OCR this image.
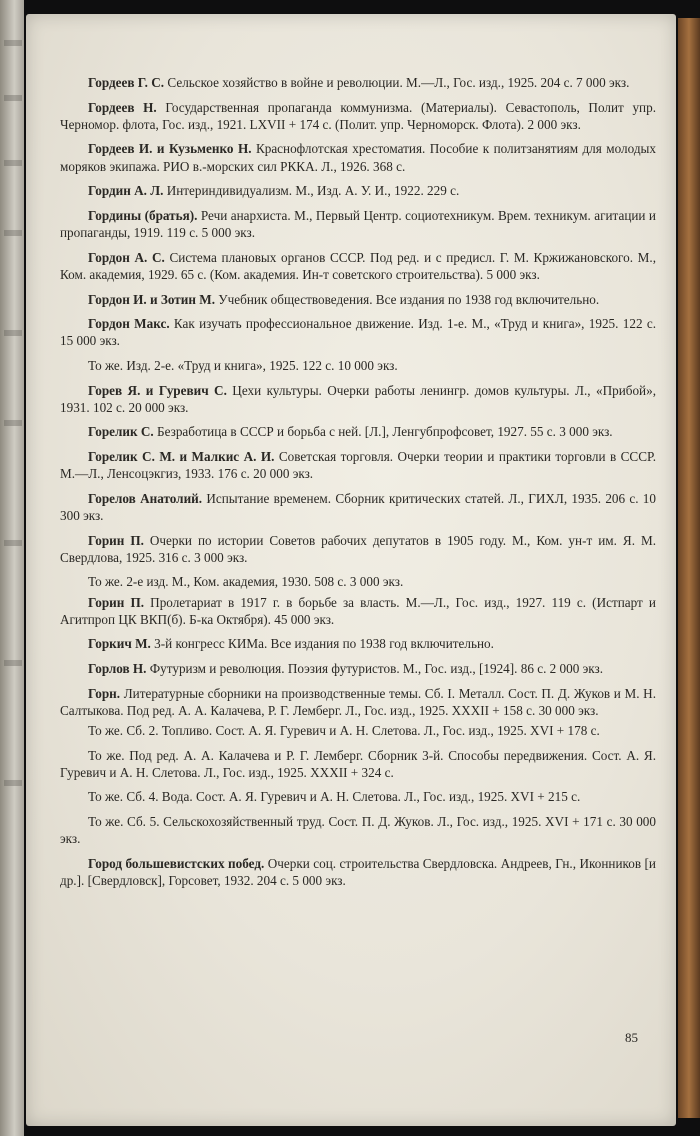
Гордеев Г. С. Сельское хозяйство в войне и революции. М.—Л., Гос. изд., 1925. 204 с. 7 000 экз.

Гордеев Н. Государственная пропаганда коммунизма. (Материалы). Севастополь, Полит упр. Черномор. флота, Гос. изд., 1921. LXVII + 174 с. (Полит. упр. Черноморск. Флота). 2 000 экз.

Гордеев И. и Кузьменко Н. Краснофлотская хрестоматия. Пособие к политзанятиям для молодых моряков экипажа. РИО в.-морских сил РККА. Л., 1926. 368 с.

Гордин А. Л. Интериндивидуализм. М., Изд. А. У. И., 1922. 229 с.

Гордины (братья). Речи анархиста. М., Первый Центр. социотехникум. Врем. техникум. агитации и пропаганды, 1919. 119 с. 5 000 экз.

Гордон А. С. Система плановых органов СССР. Под ред. и с предисл. Г. М. Кржижановского. М., Ком. академия, 1929. 65 с. (Ком. академия. Ин-т советского строительства). 5 000 экз.

Гордон И. и Зотин М. Учебник обществоведения. Все издания по 1938 год включительно.

Гордон Макс. Как изучать профессиональное движение. Изд. 1-е. М., «Труд и книга», 1925. 122 с. 15 000 экз.

То же. Изд. 2-е. «Труд и книга», 1925. 122 с. 10 000 экз.

Горев Я. и Гуревич С. Цехи культуры. Очерки работы ленингр. домов культуры. Л., «Прибой», 1931. 102 с. 20 000 экз.

Горелик С. Безработица в СССР и борьба с ней. [Л.], Ленгубпрофсовет, 1927. 55 с. 3 000 экз.

Горелик С. М. и Малкис А. И. Советская торговля. Очерки теории и практики торговли в СССР. М.—Л., Ленсоцэкгиз, 1933. 176 с. 20 000 экз.

Горелов Анатолий. Испытание временем. Сборник критических статей. Л., ГИХЛ, 1935. 206 с. 10 300 экз.

Горин П. Очерки по истории Советов рабочих депутатов в 1905 году. М., Ком. ун-т им. Я. М. Свердлова, 1925. 316 с. 3 000 экз.

То же. 2-е изд. М., Ком. академия, 1930. 508 с. 3 000 экз.

Горин П. Пролетариат в 1917 г. в борьбе за власть. М.—Л., Гос. изд., 1927. 119 с. (Истпарт и Агитпроп ЦК ВКП(б). Б-ка Октября). 45 000 экз.

Горкич М. 3-й конгресс КИМа. Все издания по 1938 год включительно.

Горлов Н. Футуризм и революция. Поэзия футуристов. М., Гос. изд., [1924]. 86 с. 2 000 экз.

Горн. Литературные сборники на производственные темы. Сб. I. Металл. Сост. П. Д. Жуков и М. Н. Салтыкова. Под ред. А. А. Калачева, Р. Г. Лемберг. Л., Гос. изд., 1925. XXXII + 158 с. 30 000 экз.

То же. Сб. 2. Топливо. Сост. А. Я. Гуревич и А. Н. Слетова. Л., Гос. изд., 1925. XVI + 178 с.

То же. Под ред. А. А. Калачева и Р. Г. Лемберг. Сборник 3-й. Способы передвижения. Сост. А. Я. Гуревич и А. Н. Слетова. Л., Гос. изд., 1925. XXXII + 324 с.

То же. Сб. 4. Вода. Сост. А. Я. Гуревич и А. Н. Слетова. Л., Гос. изд., 1925. XVI + 215 с.

То же. Сб. 5. Сельскохозяйственный труд. Сост. П. Д. Жуков. Л., Гос. изд., 1925. XVI + 171 с. 30 000 экз.

Город большевистских побед. Очерки соц. строительства Свердловска. Андреев, Гн., Иконников [и др.]. [Свердловск], Горсовет, 1932. 204 с. 5 000 экз.

85
